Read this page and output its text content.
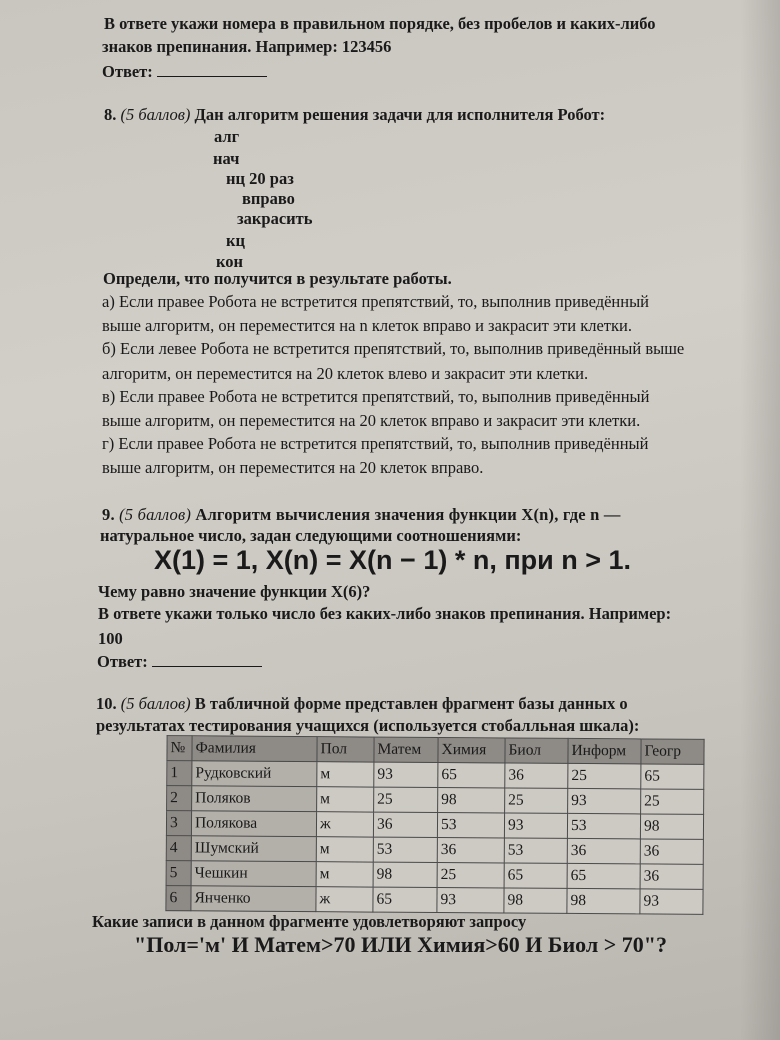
В ответе укажи номера в правильном порядке, без пробелов и каких-либо
знаков препинания. Например: 123456
Ответ:
8. (5 баллов) Дан алгоритм решения задачи для исполнителя Робот:
алг
нач
нц 20 раз
вправо
закрасить
кц
кон
Определи, что получится в результате работы.
а) Если правее Робота не встретится препятствий, то, выполнив приведённый
выше алгоритм, он переместится на n клеток вправо и закрасит эти клетки.
б) Если левее Робота не встретится препятствий, то, выполнив приведённый выше
алгоритм, он переместится на 20 клеток влево и закрасит эти клетки.
в) Если правее Робота не встретится препятствий, то, выполнив приведённый
выше алгоритм, он переместится на 20 клеток вправо и закрасит эти клетки.
г) Если правее Робота не встретится препятствий, то, выполнив приведённый
выше алгоритм, он переместится на 20 клеток вправо.
9. (5 баллов) Алгоритм вычисления значения функции X(n), где n —
натуральное число, задан следующими соотношениями:
X(1) = 1, X(n) = X(n − 1) * n, при n > 1.
Чему равно значение функции X(6)?
В ответе укажи только число без каких-либо знаков препинания. Например:
100
Ответ:
10. (5 баллов) В табличной форме представлен фрагмент базы данных о
результатах тестирования учащихся (используется стобалльная шкала):
№	Фамилия	Пол	Матем	Химия	Биол	Информ	Геогр
1	Рудковский	м	93	65	36	25	65
2	Поляков	м	25	98	25	93	25
3	Полякова	ж	36	53	93	53	98
4	Шумский	м	53	36	53	36	36
5	Чешкин	м	98	25	65	65	36
6	Янченко	ж	65	93	98	98	93
Какие записи в данном фрагменте удовлетворяют запросу
"Пол='м' И Матем>70 ИЛИ Химия>60 И Биол > 70"?
